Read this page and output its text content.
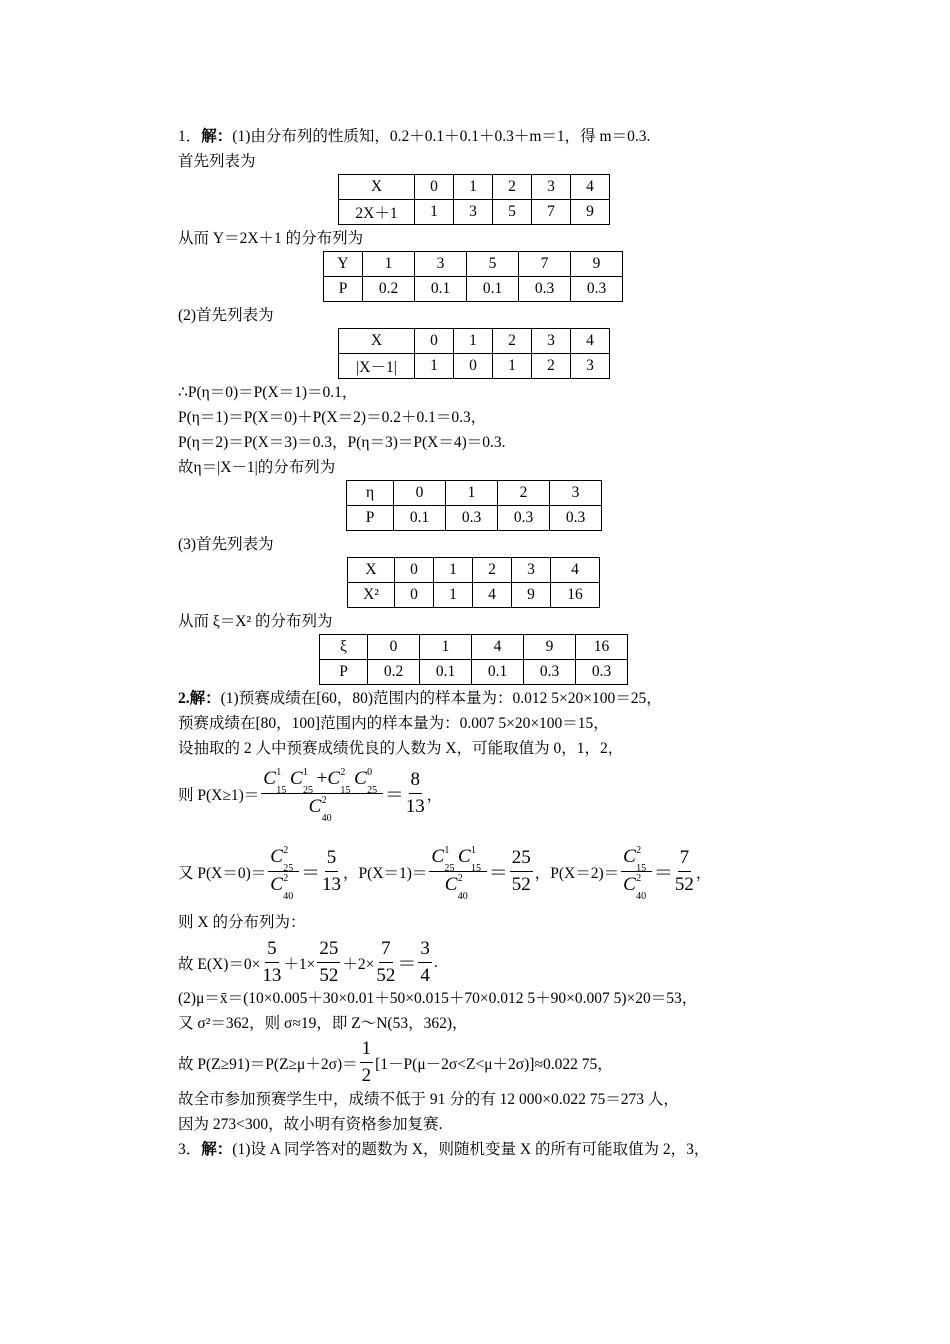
1．解：(1)由分布列的性质知，0.2＋0.1＋0.1＋0.3＋m＝1，得 m＝0.3.
首先列表为
X	0	1	2	3	4
2X＋1	1	3	5	7	9
从而 Y＝2X＋1 的分布列为
Y	1	3	5	7	9
P	0.2	0.1	0.1	0.3	0.3
(2)首先列表为
X	0	1	2	3	4
|X－1|	1	0	1	2	3
∴P(η＝0)＝P(X＝1)＝0.1，
P(η＝1)＝P(X＝0)＋P(X＝2)＝0.2＋0.1＝0.3，
P(η＝2)＝P(X＝3)＝0.3，P(η＝3)＝P(X＝4)＝0.3.
故η＝|X－1|的分布列为
η	0	1	2	3
P	0.1	0.3	0.3	0.3
(3)首先列表为
X	0	1	2	3	4
X²	0	1	4	9	16
从而 ξ＝X² 的分布列为
ξ	0	1	4	9	16
P	0.2	0.1	0.1	0.3	0.3
2.解：(1)预赛成绩在[60，80)范围内的样本量为：0.012 5×20×100＝25，
预赛成绩在[80，100]范围内的样本量为：0.007 5×20×100＝15，
设抽取的 2 人中预赛成绩优良的人数为 X，可能取值为 0，1，2，
则 P(X≥1)＝
C 1
15
C 1
25
+C 2
15
C 0
25
C 2
40
＝
8
13
，
又 P(X＝0)＝
C 2
25
C 2
40
＝
5
13
，P(X＝1)＝
C 1
25
C 1
15
C 2
40
＝
25
52
，P(X＝2)＝
C 2
15
C 2
40
＝
7
52
，
则 X 的分布列为：
故 $E(X)=0\times \frac{5}{13} +1\times \frac{25}{52} +2\times \frac{7}{52}$ ＝
3
4
.
(2)μ＝x̄＝(10×0.005＋30×0.01＋50×0.015＋70×0.012 5＋90×0.007 5)×20＝53，
又 σ²＝362，则 σ≈19，即 Z～N(53，362)，
故 P(Z≥91)＝P(Z≥μ＋2σ)＝
1
2
[1－P(μ－2σ<Z<μ＋2σ)]≈0.022 75，
故全市参加预赛学生中，成绩不低于 91 分的有 12 000×0.022 75＝273 人，
因为 273<300，故小明有资格参加复赛.
3．解：(1)设 A 同学答对的题数为 X，则随机变量 X 的所有可能取值为 2，3，
